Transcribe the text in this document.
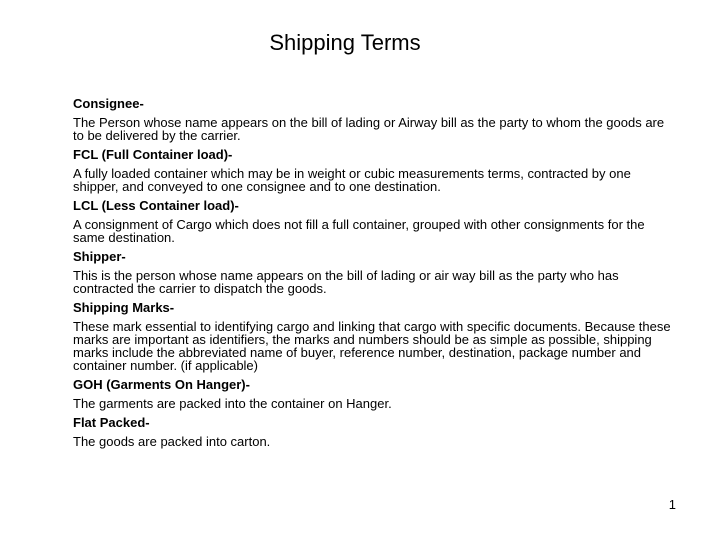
Shipping Terms
Consignee-
The Person whose name appears on the bill of lading or Airway bill as the party to whom the goods are to be delivered by the carrier.
FCL (Full Container load)-
A fully loaded container which may be in weight or cubic measurements terms, contracted by one shipper, and conveyed to one consignee and to one destination.
LCL (Less Container load)-
A consignment of Cargo which does not fill a full container, grouped with other consignments for the same destination.
Shipper-
This is the person whose name appears on the bill of lading or air way bill as the party who has contracted the carrier to dispatch the goods.
Shipping Marks-
These mark essential to identifying cargo and linking that cargo with specific documents. Because these marks are important as identifiers, the marks and numbers should be as simple as possible, shipping marks include the abbreviated name of buyer, reference number, destination, package number and container number. (if applicable)
GOH (Garments On Hanger)-
The garments are packed into the container on Hanger.
Flat Packed-
The goods are packed into carton.
1
